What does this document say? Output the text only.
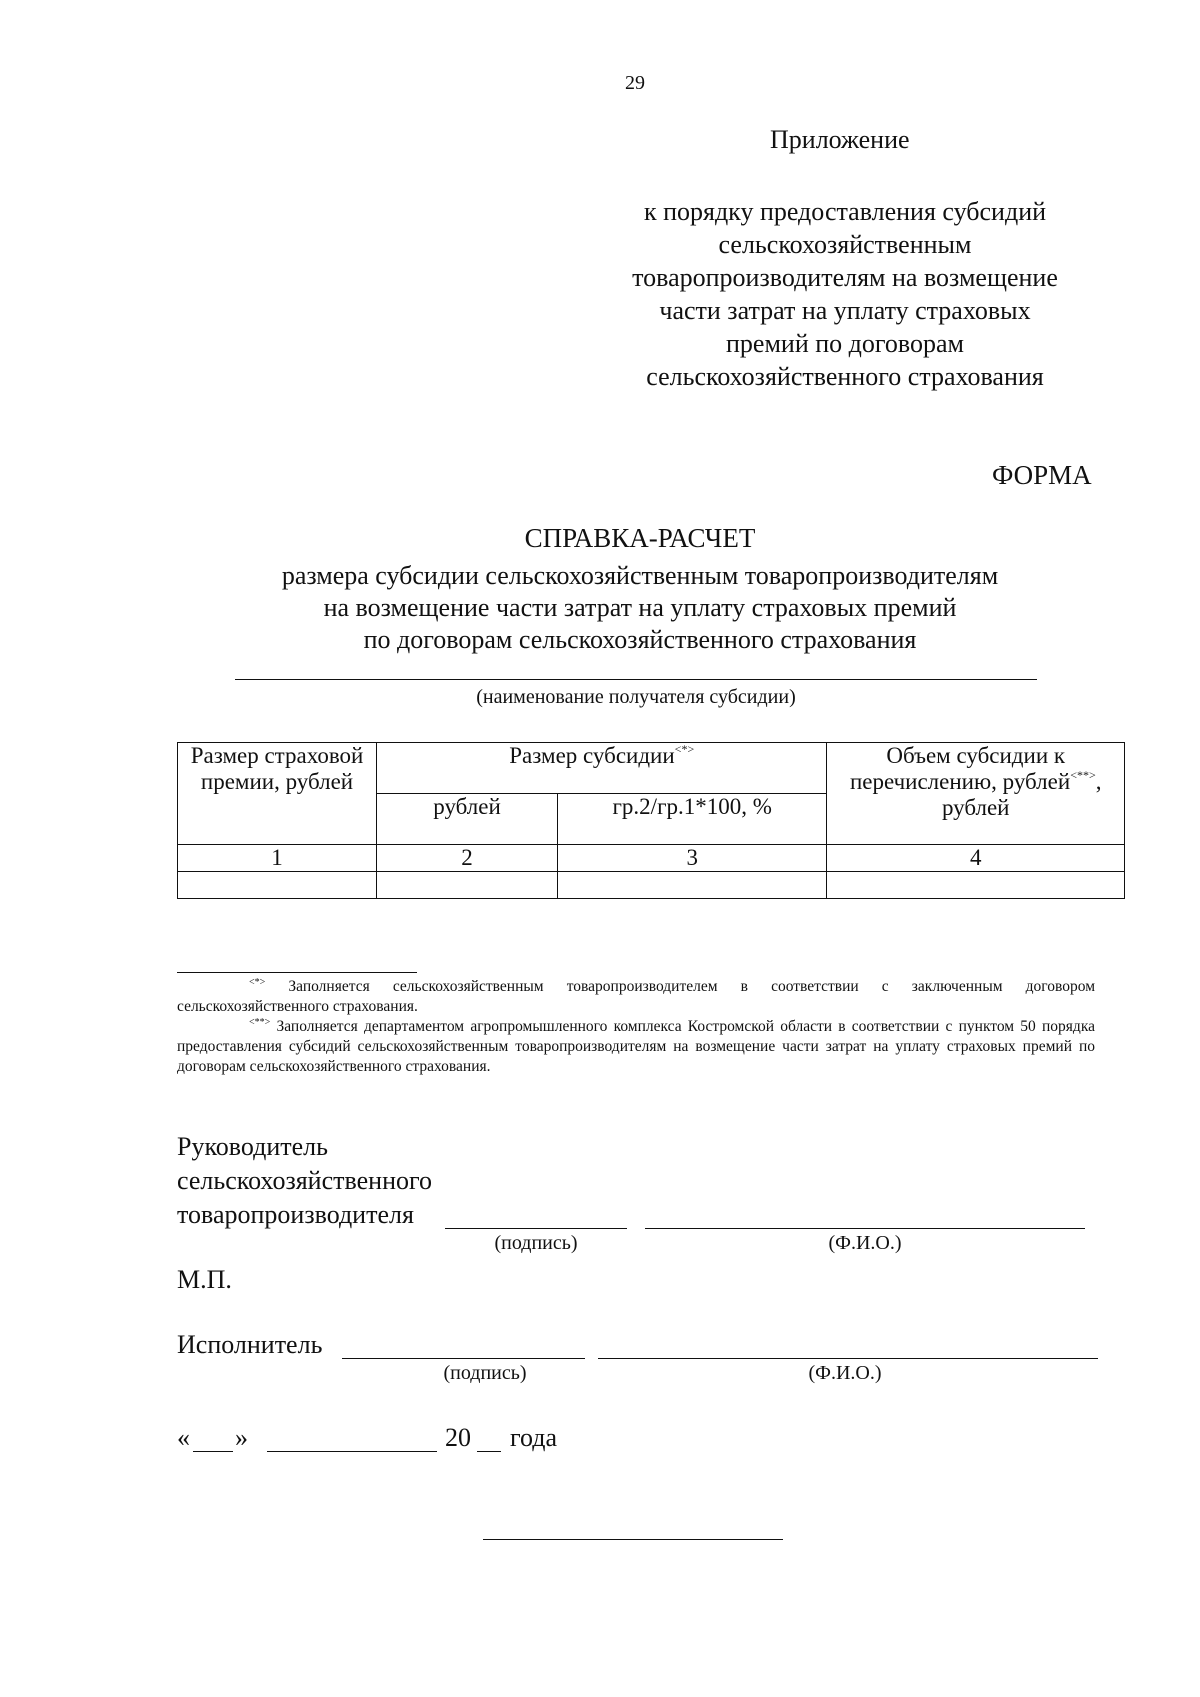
29
Приложение
к порядку предоставления субсидий
сельскохозяйственным
товаропроизводителям на возмещение
части затрат на уплату страховых
премий по договорам
сельскохозяйственного страхования
ФОРМА
СПРАВКА-РАСЧЕТ
размера субсидии сельскохозяйственным товаропроизводителям
на возмещение части затрат на уплату страховых премий
по договорам сельскохозяйственного страхования
(наименование получателя субсидии)
Размер страховой премии, рублей	Размер субсидии<*>		Объем субсидии к перечислению, рублей<**>, рублей
	рублей	гр.2/гр.1*100, %	
1	2	3	4

<*> Заполняется сельскохозяйственным товаропроизводителем в соответствии с заключенным договором сельскохозяйственного страхования.

<**> Заполняется департаментом агропромышленного комплекса Костромской области в соответствии с пунктом 50 порядка предоставления субсидий сельскохозяйственным товаропроизводителям на возмещение части затрат на уплату страховых премий по договорам сельскохозяйственного страхования.

Руководитель
сельскохозяйственного
товаропроизводителя
(подпись)	(Ф.И.О.)
М.П.
Исполнитель
(подпись)	(Ф.И.О.)
« »	20 года
